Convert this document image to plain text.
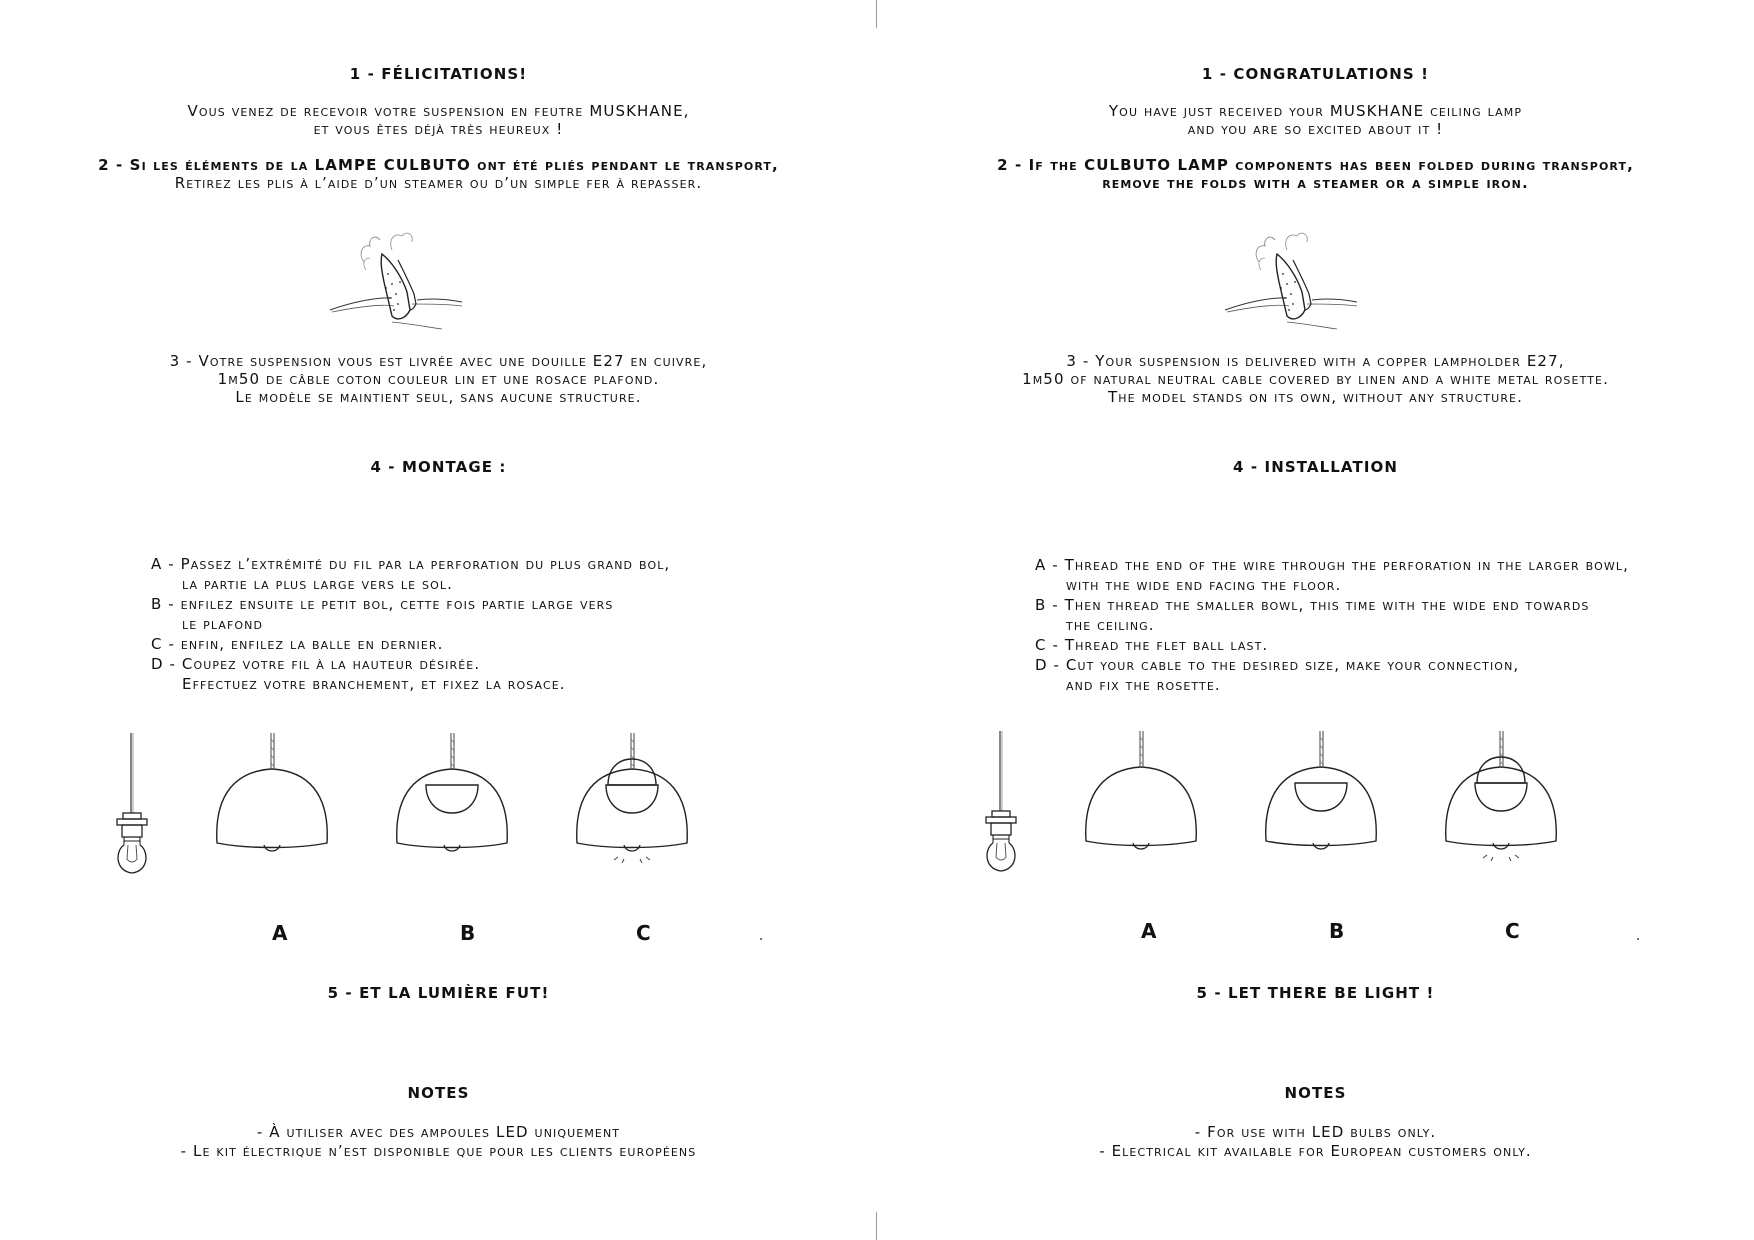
1 - FÉLICITATIONS!
Vous venez de recevoir votre suspension en feutre MUSKHANE,
et vous êtes déjà très heureux !
2 - Si les éléments de la LAMPE CULBUTO ont été pliés pendant le transport,
Retirez les plis à l’aide d’un steamer ou d’un simple fer à repasser.
3 - Votre suspension vous est livrée avec une douille E27 en cuivre,
1m50 de câble coton couleur lin et une rosace plafond.
Le modèle se maintient seul, sans aucune structure.
4 - MONTAGE :
A - Passez l’extrémité du fil par la perforation du plus grand bol,
la partie la plus large vers le sol.
B - enfilez ensuite le petit bol, cette fois partie large vers
le plafond
C - enfin, enfilez la balle en dernier.
D - Coupez votre fil à la hauteur désirée.
Effectuez votre branchement, et fixez la rosace.
A	B	C
5 - ET LA LUMIÈRE FUT!
NOTES
- À utiliser avec des ampoules LED uniquement
- Le kit électrique n’est disponible que pour les clients européens
1 - CONGRATULATIONS !
You have just received your MUSKHANE ceiling lamp
and you are so excited about it !
2 - If the CULBUTO LAMP components has been folded during transport,
remove the folds with a steamer or a simple iron.
3 - Your suspension is delivered with a copper lampholder E27,
1m50 of natural neutral cable covered by linen and a white metal rosette.
The model stands on its own, without any structure.
4 - INSTALLATION
A - Thread the end of the wire through the perforation in the larger bowl,
with the wide end facing the floor.
B - Then thread the smaller bowl, this time with the wide end towards
the ceiling.
C - Thread the flet ball last.
D - Cut your cable to the desired size, make your connection,
and fix the rosette.
A	B	C
5 - LET THERE BE LIGHT !
NOTES
- For use with LED bulbs only.
- Electrical kit available for European customers only.
